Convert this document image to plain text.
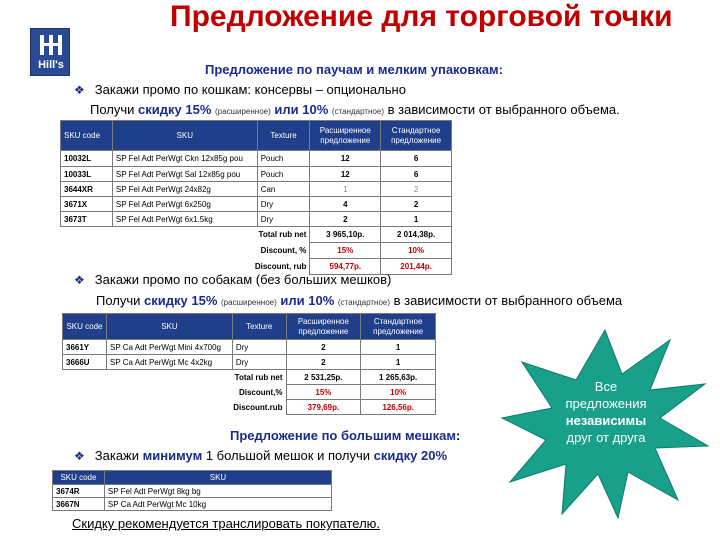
Hill's
Предложение для торговой точки
Предложение по паучам и мелким упаковкам:
❖ Закажи промо по кошкам: консервы – опционально
Получи скидку 15% (расширенное) или 10% (стандартное) в зависимости от выбранного объема.
SKU code	SKU	Texture	Расширенное предложение	Стандартное предложение
10032L	SP Fel Adt PerWgt Ckn 12x85g pou	Pouch	12	6
10033L	SP Fel Adt PerWgt Sal 12x85g pou	Pouch	12	6
3644XR	SP Fel Adt PerWgt 24x82g	Can	1	2
3671X	SP Fel Adt PerWgt 6x250g	Dry	4	2
3673T	SP Fel Adt PerWgt 6x1.5kg	Dry	2	1
	Total rub net		3 965,10р.	2 014,38р.
	Discount, %		15%	10%
	Discount, rub		594,77р.	201,44р.
❖ Закажи промо по собакам (без больших мешков)
Получи скидку 15% (расширенное) или 10% (стандартное) в зависимости от выбранного объема
SKU code	SKU	Texture	Расширенное предложение	Стандартное предложение
3661Y	SP Ca Adt PerWgt Mini 4x700g	Dry	2	1
3666U	SP Ca Adt PerWgt Mc 4x2kg	Dry	2	1
	Total rub net		2 531,25р.	1 265,63р.
	Discount,%		15%	10%
	Discount.rub		379,69р.	126,56р.
Предложение по большим мешкам:
❖ Закажи минимум 1 большой мешок и получи скидку 20%
SKU code	SKU
3674R	SP Fel Adt PerWgt 8kg bg
3667N	SP Ca Adt PerWgt Mc 10kg
Все
предложения
независимы
друг от друга
Скидку рекомендуется транслировать покупателю.
